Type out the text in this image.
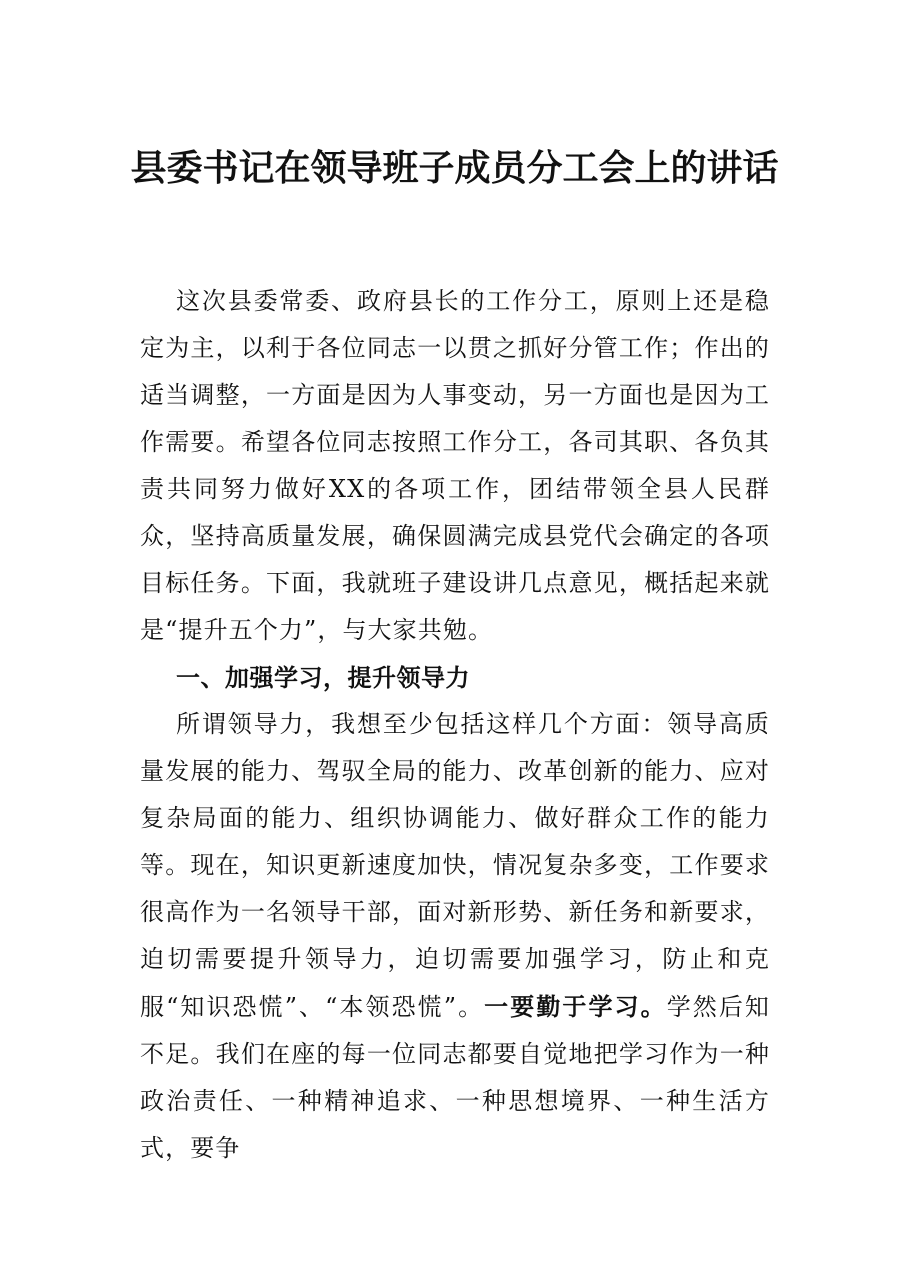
县委书记在领导班子成员分工会上的讲话

这次县委常委、政府县长的工作分工，原则上还是稳定为主，以利于各位同志一以贯之抓好分管工作；作出的适当调整，一方面是因为人事变动，另一方面也是因为工作需要。希望各位同志按照工作分工，各司其职、各负其责共同努力做好XX的各项工作，团结带领全县人民群众，坚持高质量发展，确保圆满完成县党代会确定的各项目标任务。下面，我就班子建设讲几点意见，概括起来就是“提升五个力”，与大家共勉。

一、加强学习，提升领导力

所谓领导力，我想至少包括这样几个方面：领导高质量发展的能力、驾驭全局的能力、改革创新的能力、应对复杂局面的能力、组织协调能力、做好群众工作的能力等。现在，知识更新速度加快，情况复杂多变，工作要求很高作为一名领导干部，面对新形势、新任务和新要求，迫切需要提升领导力，迫切需要加强学习，防止和克服“知识恐慌”、“本领恐慌”。一要勤于学习。学然后知不足。我们在座的每一位同志都要自觉地把学习作为一种政治责任、一种精神追求、一种思想境界、一种生活方式，要争
